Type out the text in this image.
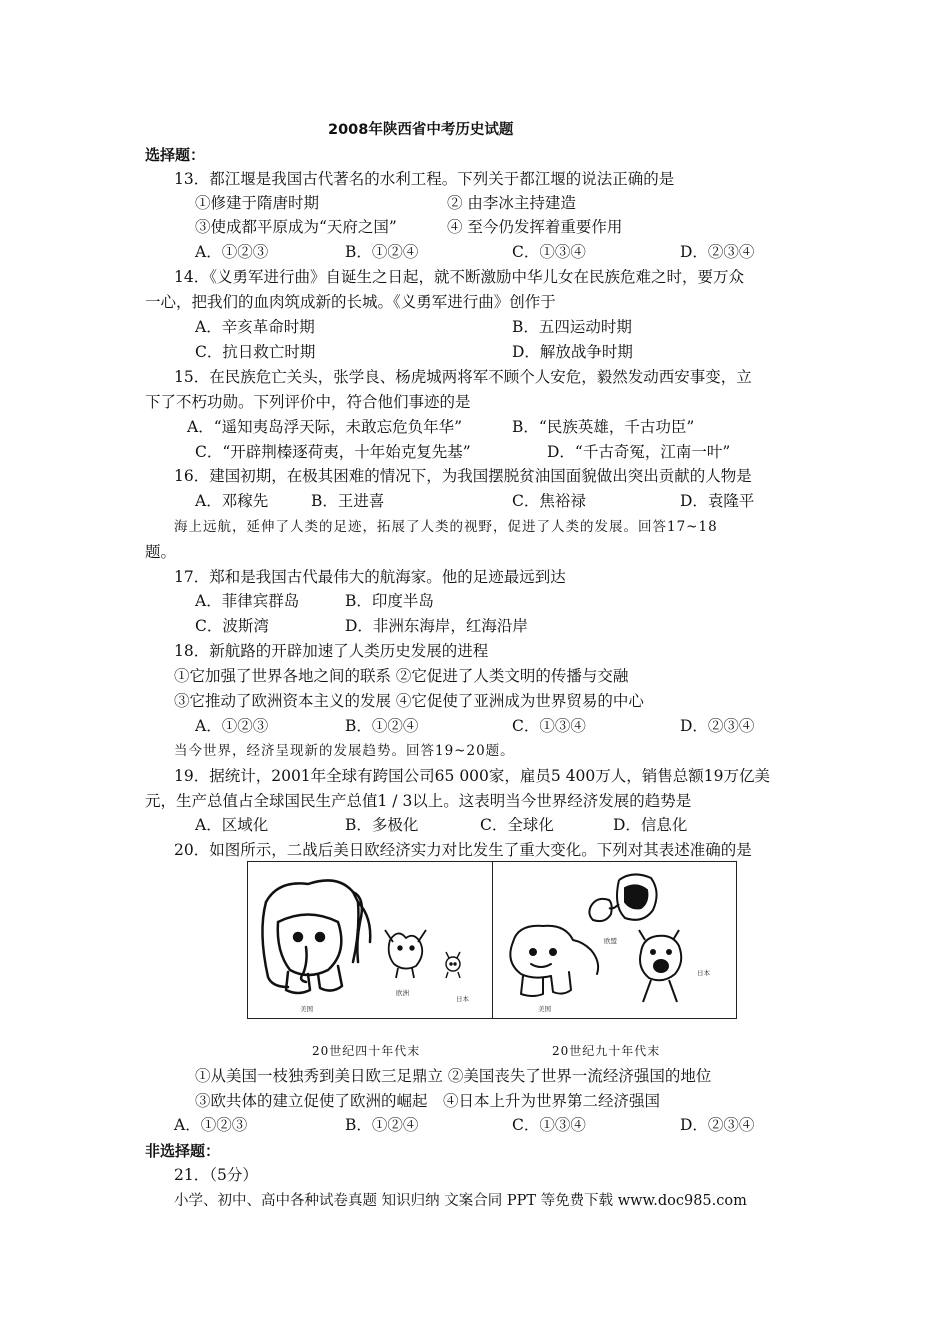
2008年陕西省中考历史试题
选择题：
13．都江堰是我国古代著名的水利工程。下列关于都江堰的说法正确的是
①修建于隋唐时期	② 由李冰主持建造
③使成都平原成为“天府之国”	④ 至今仍发挥着重要作用
A．①②③	B．①②④	C．①③④	D．②③④
14．《义勇军进行曲》自诞生之日起，就不断激励中华儿女在民族危难之时，要万众
一心，把我们的血肉筑成新的长城。《义勇军进行曲》创作于
A．辛亥革命时期	B．五四运动时期
C．抗日救亡时期	D．解放战争时期
15．在民族危亡关头，张学良、杨虎城两将军不顾个人安危，毅然发动西安事变，立
下了不朽功勋。下列评价中，符合他们事迹的是
A．“遥知夷岛浮天际，未敢忘危负年华”	B．“民族英雄，千古功臣”
C．“开辟荆榛逐荷夷，十年始克复先基”	D．“千古奇冤，江南一叶”
16．建国初期，在极其困难的情况下，为我国摆脱贫油国面貌做出突出贡献的人物是
A．邓稼先	B．王进喜	C．焦裕禄	D．袁隆平
海上远航，延伸了人类的足迹，拓展了人类的视野，促进了人类的发展。回答17~18
题。
17．郑和是我国古代最伟大的航海家。他的足迹最远到达
A．菲律宾群岛	B．印度半岛
C．波斯湾	D．非洲东海岸，红海沿岸
18．新航路的开辟加速了人类历史发展的进程
①它加强了世界各地之间的联系 ②它促进了人类文明的传播与交融
③它推动了欧洲资本主义的发展 ④它促使了亚洲成为世界贸易的中心
A．①②③	B．①②④	C．①③④	D．②③④
当今世界，经济呈现新的发展趋势。回答19~20题。
19．据统计，2001年全球有跨国公司65 000家，雇员5 400万人，销售总额19万亿美
元，生产总值占全球国民生产总值1 / 3以上。这表明当今世界经济发展的趋势是
A．区域化	B．多极化	C．全球化	D．信息化
20．如图所示，二战后美日欧经济实力对比发生了重大变化。下列对其表述准确的是
美国
欧洲
日本
美国
欧盟
日本
20世纪四十年代末	20世纪九十年代末
①从美国一枝独秀到美日欧三足鼎立 ②美国丧失了世界一流经济强国的地位
③欧共体的建立促使了欧洲的崛起　④日本上升为世界第二经济强国
A．①②③	B．①②④	C．①③④	D．②③④
非选择题：
21．（5分）
小学、初中、高中各种试卷真题 知识归纳 文案合同 PPT 等免费下载 www.doc985.com
